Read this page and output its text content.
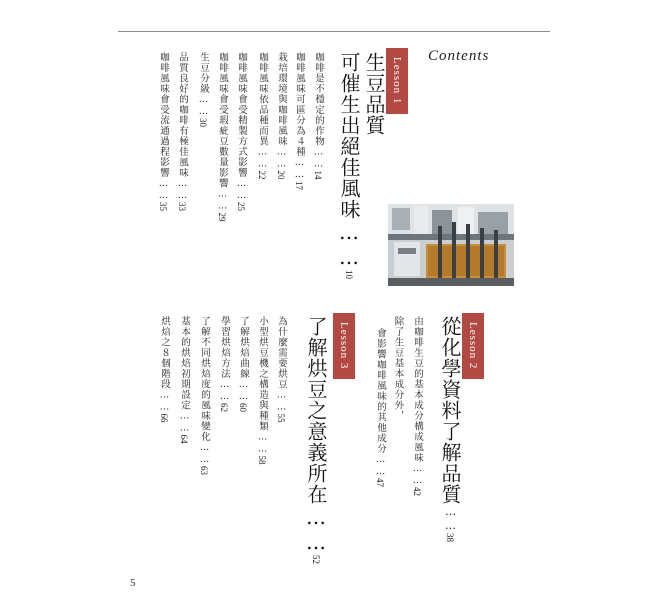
Contents
Lesson 1
生豆品質
可催生出絕佳風味……10
咖啡是不穩定的作物……14
咖啡風味可區分為４種……17
栽培環境與咖啡風味……20
咖啡風味依品種而異……22
咖啡風味會受精製方式影響……25
咖啡風味會受瑕疵豆數量影響……29
生豆分級……30
品質良好的咖啡有極佳風味……33
咖啡風味會受流通過程影響……35
Lesson 2
從化學資料了解品質……38
由咖啡生豆的基本成分構成風味……42
除了生豆基本成分外，
會影響咖啡風味的其他成分……47
Lesson 3
了解烘豆之意義所在……52
為什麼需要烘豆……55
小型烘豆機之構造與種類……58
了解烘焙曲線……60
學習烘焙方法……62
了解不同烘焙度的風味變化……63
基本的烘焙初期設定……64
烘焙之８個階段……66
5
